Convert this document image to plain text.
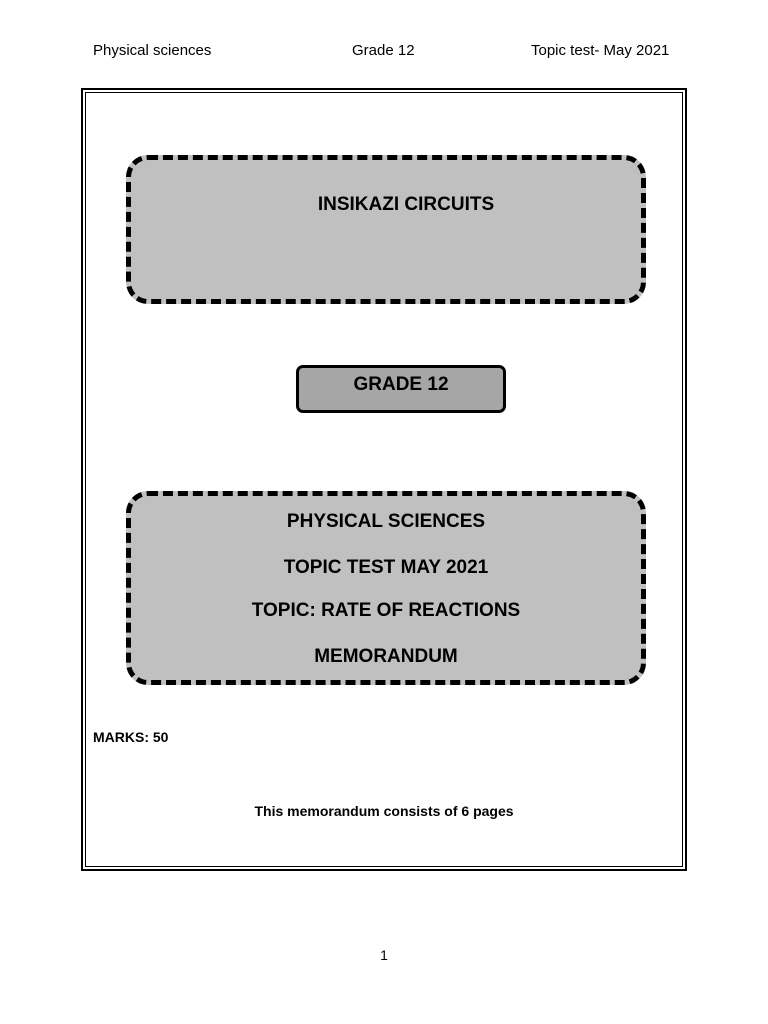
Physical sciences	Grade 12	Topic test- May 2021
INSIKAZI CIRCUITS
GRADE 12
PHYSICAL SCIENCES
TOPIC TEST MAY 2021
TOPIC: RATE OF REACTIONS
MEMORANDUM
MARKS: 50
This memorandum consists of 6 pages
1
